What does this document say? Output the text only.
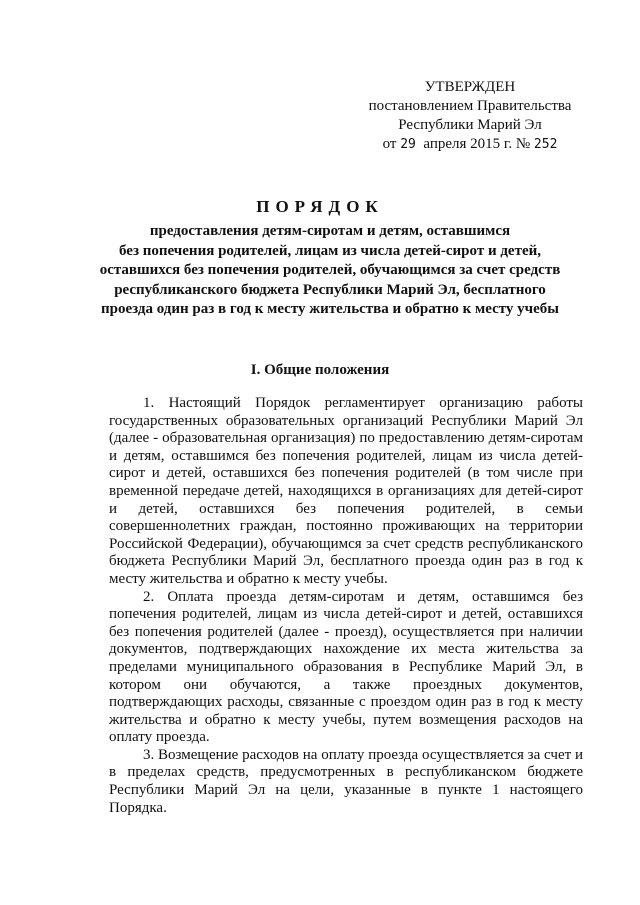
УТВЕРЖДЕН
постановлением Правительства
Республики Марий Эл
от 29 апреля 2015 г. № 252
ПОРЯДОК
предоставления детям-сиротам и детям, оставшимся
без попечения родителей, лицам из числа детей-сирот и детей,
оставшихся без попечения родителей, обучающимся за счет средств
республиканского бюджета Республики Марий Эл, бесплатного
проезда один раз в год к месту жительства и обратно к месту учебы
I. Общие положения

1. Настоящий Порядок регламентирует организацию работы государственных образовательных организаций Республики Марий Эл (далее - образовательная организация) по предоставлению детям-сиротам и детям, оставшимся без попечения родителей, лицам из числа детей-сирот и детей, оставшихся без попечения родителей (в том числе при временной передаче детей, находящихся в организациях для детей-сирот и детей, оставшихся без попечения родителей, в семьи совершеннолетних граждан, постоянно проживающих на территории Российской Федерации), обучающимся за счет средств республиканского бюджета Республики Марий Эл, бесплатного проезда один раз в год к месту жительства и обратно к месту учебы.

2. Оплата проезда детям-сиротам и детям, оставшимся без попечения родителей, лицам из числа детей-сирот и детей, оставшихся без попечения родителей (далее - проезд), осуществляется при наличии документов, подтверждающих нахождение их места жительства за пределами муниципального образования в Республике Марий Эл, в котором они обучаются, а также проездных документов, подтверждающих расходы, связанные с проездом один раз в год к месту жительства и обратно к месту учебы, путем возмещения расходов на оплату проезда.

3. Возмещение расходов на оплату проезда осуществляется за счет и в пределах средств, предусмотренных в республиканском бюджете Республики Марий Эл на цели, указанные в пункте 1 настоящего Порядка.
